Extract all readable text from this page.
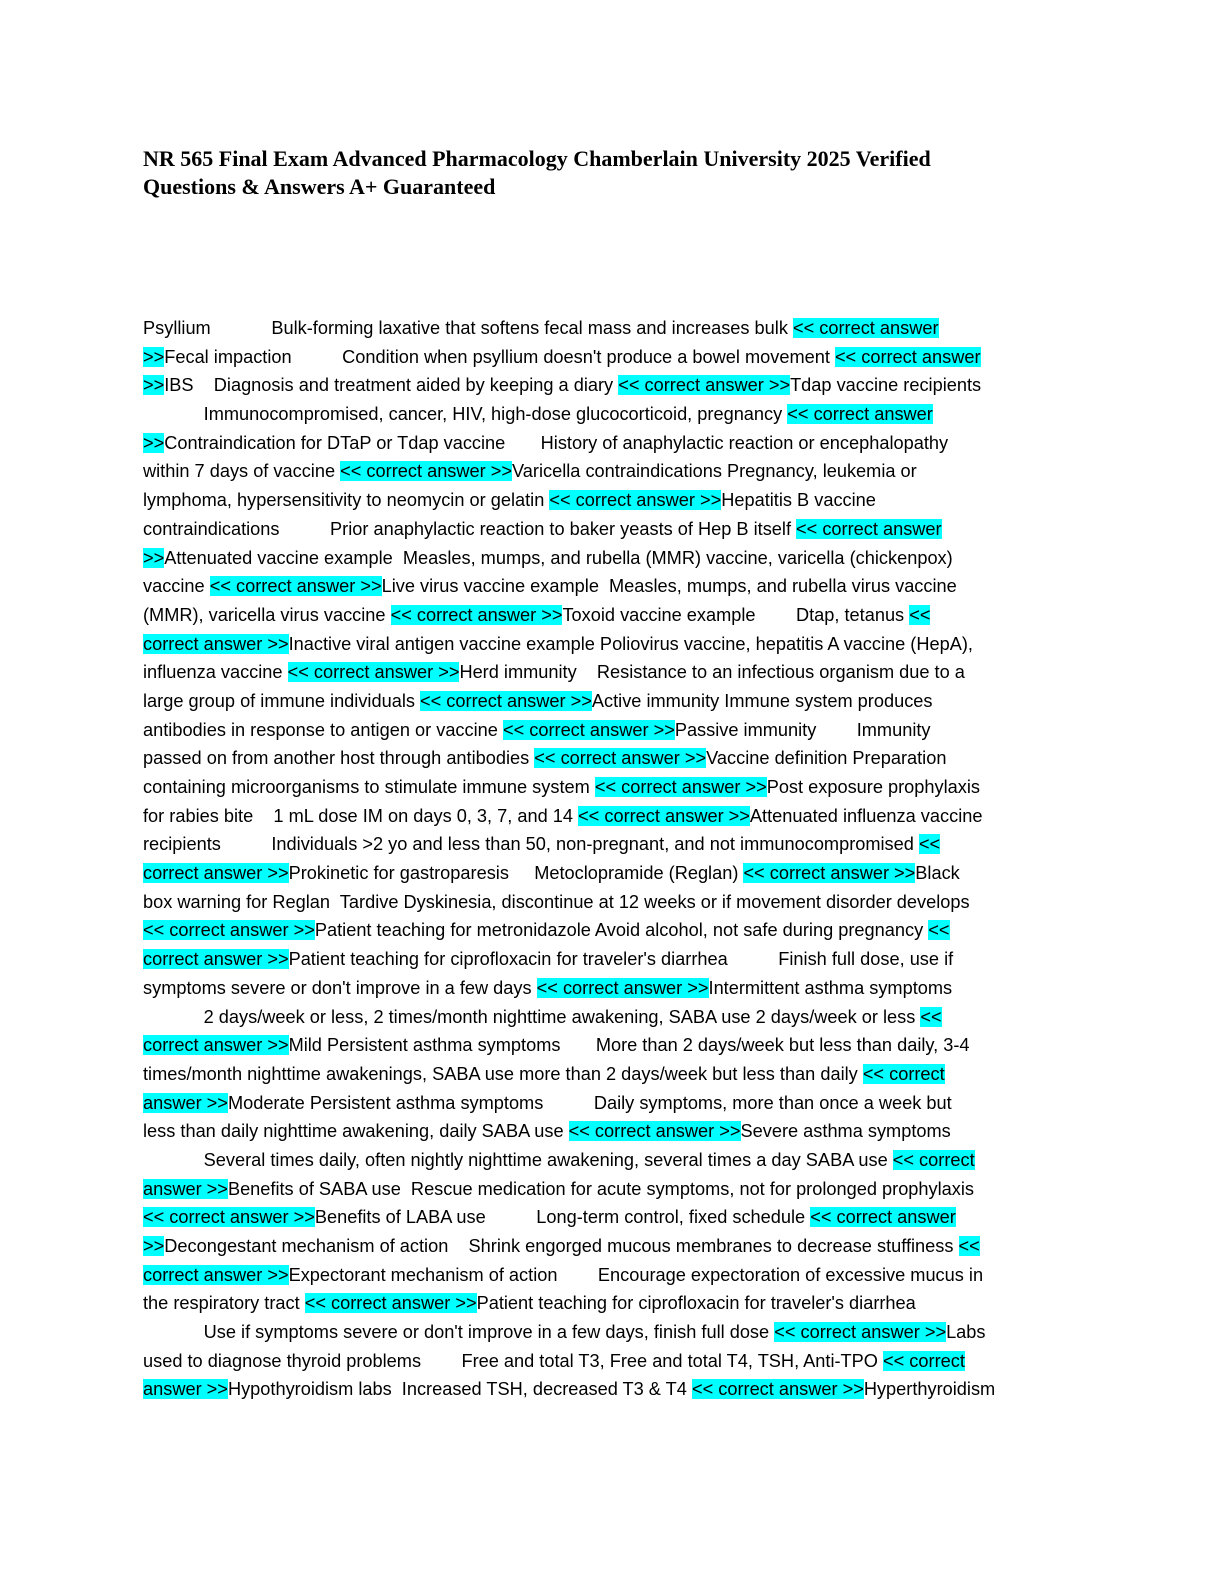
NR 565 Final Exam Advanced Pharmacology Chamberlain University 2025 Verified
Questions & Answers A+ Guaranteed
Psyllium            Bulk-forming laxative that softens fecal mass and increases bulk << correct answer
>>Fecal impaction          Condition when psyllium doesn't produce a bowel movement << correct answer
>>IBS    Diagnosis and treatment aided by keeping a diary << correct answer >>Tdap vaccine recipients
Immunocompromised, cancer, HIV, high-dose glucocorticoid, pregnancy << correct answer
>>Contraindication for DTaP or Tdap vaccine       History of anaphylactic reaction or encephalopathy
within 7 days of vaccine << correct answer >>Varicella contraindications Pregnancy, leukemia or
lymphoma, hypersensitivity to neomycin or gelatin << correct answer >>Hepatitis B vaccine
contraindications          Prior anaphylactic reaction to baker yeasts of Hep B itself << correct answer
>>Attenuated vaccine example  Measles, mumps, and rubella (MMR) vaccine, varicella (chickenpox)
vaccine << correct answer >>Live virus vaccine example  Measles, mumps, and rubella virus vaccine
(MMR), varicella virus vaccine << correct answer >>Toxoid vaccine example        Dtap, tetanus <<
correct answer >>Inactive viral antigen vaccine example Poliovirus vaccine, hepatitis A vaccine (HepA),
influenza vaccine << correct answer >>Herd immunity    Resistance to an infectious organism due to a
large group of immune individuals << correct answer >>Active immunity Immune system produces
antibodies in response to antigen or vaccine << correct answer >>Passive immunity        Immunity
passed on from another host through antibodies << correct answer >>Vaccine definition Preparation
containing microorganisms to stimulate immune system << correct answer >>Post exposure prophylaxis
for rabies bite    1 mL dose IM on days 0, 3, 7, and 14 << correct answer >>Attenuated influenza vaccine
recipients          Individuals >2 yo and less than 50, non-pregnant, and not immunocompromised <<
correct answer >>Prokinetic for gastroparesis     Metoclopramide (Reglan) << correct answer >>Black
box warning for Reglan  Tardive Dyskinesia, discontinue at 12 weeks or if movement disorder develops
<< correct answer >>Patient teaching for metronidazole Avoid alcohol, not safe during pregnancy <<
correct answer >>Patient teaching for ciprofloxacin for traveler's diarrhea          Finish full dose, use if
symptoms severe or don't improve in a few days << correct answer >>Intermittent asthma symptoms
2 days/week or less, 2 times/month nighttime awakening, SABA use 2 days/week or less <<
correct answer >>Mild Persistent asthma symptoms       More than 2 days/week but less than daily, 3-4
times/month nighttime awakenings, SABA use more than 2 days/week but less than daily << correct
answer >>Moderate Persistent asthma symptoms          Daily symptoms, more than once a week but
less than daily nighttime awakening, daily SABA use << correct answer >>Severe asthma symptoms
Several times daily, often nightly nighttime awakening, several times a day SABA use << correct
answer >>Benefits of SABA use  Rescue medication for acute symptoms, not for prolonged prophylaxis
<< correct answer >>Benefits of LABA use          Long-term control, fixed schedule << correct answer
>>Decongestant mechanism of action    Shrink engorged mucous membranes to decrease stuffiness <<
correct answer >>Expectorant mechanism of action        Encourage expectoration of excessive mucus in
the respiratory tract << correct answer >>Patient teaching for ciprofloxacin for traveler's diarrhea
Use if symptoms severe or don't improve in a few days, finish full dose << correct answer >>Labs
used to diagnose thyroid problems        Free and total T3, Free and total T4, TSH, Anti-TPO << correct
answer >>Hypothyroidism labs  Increased TSH, decreased T3 & T4 << correct answer >>Hyperthyroidism
